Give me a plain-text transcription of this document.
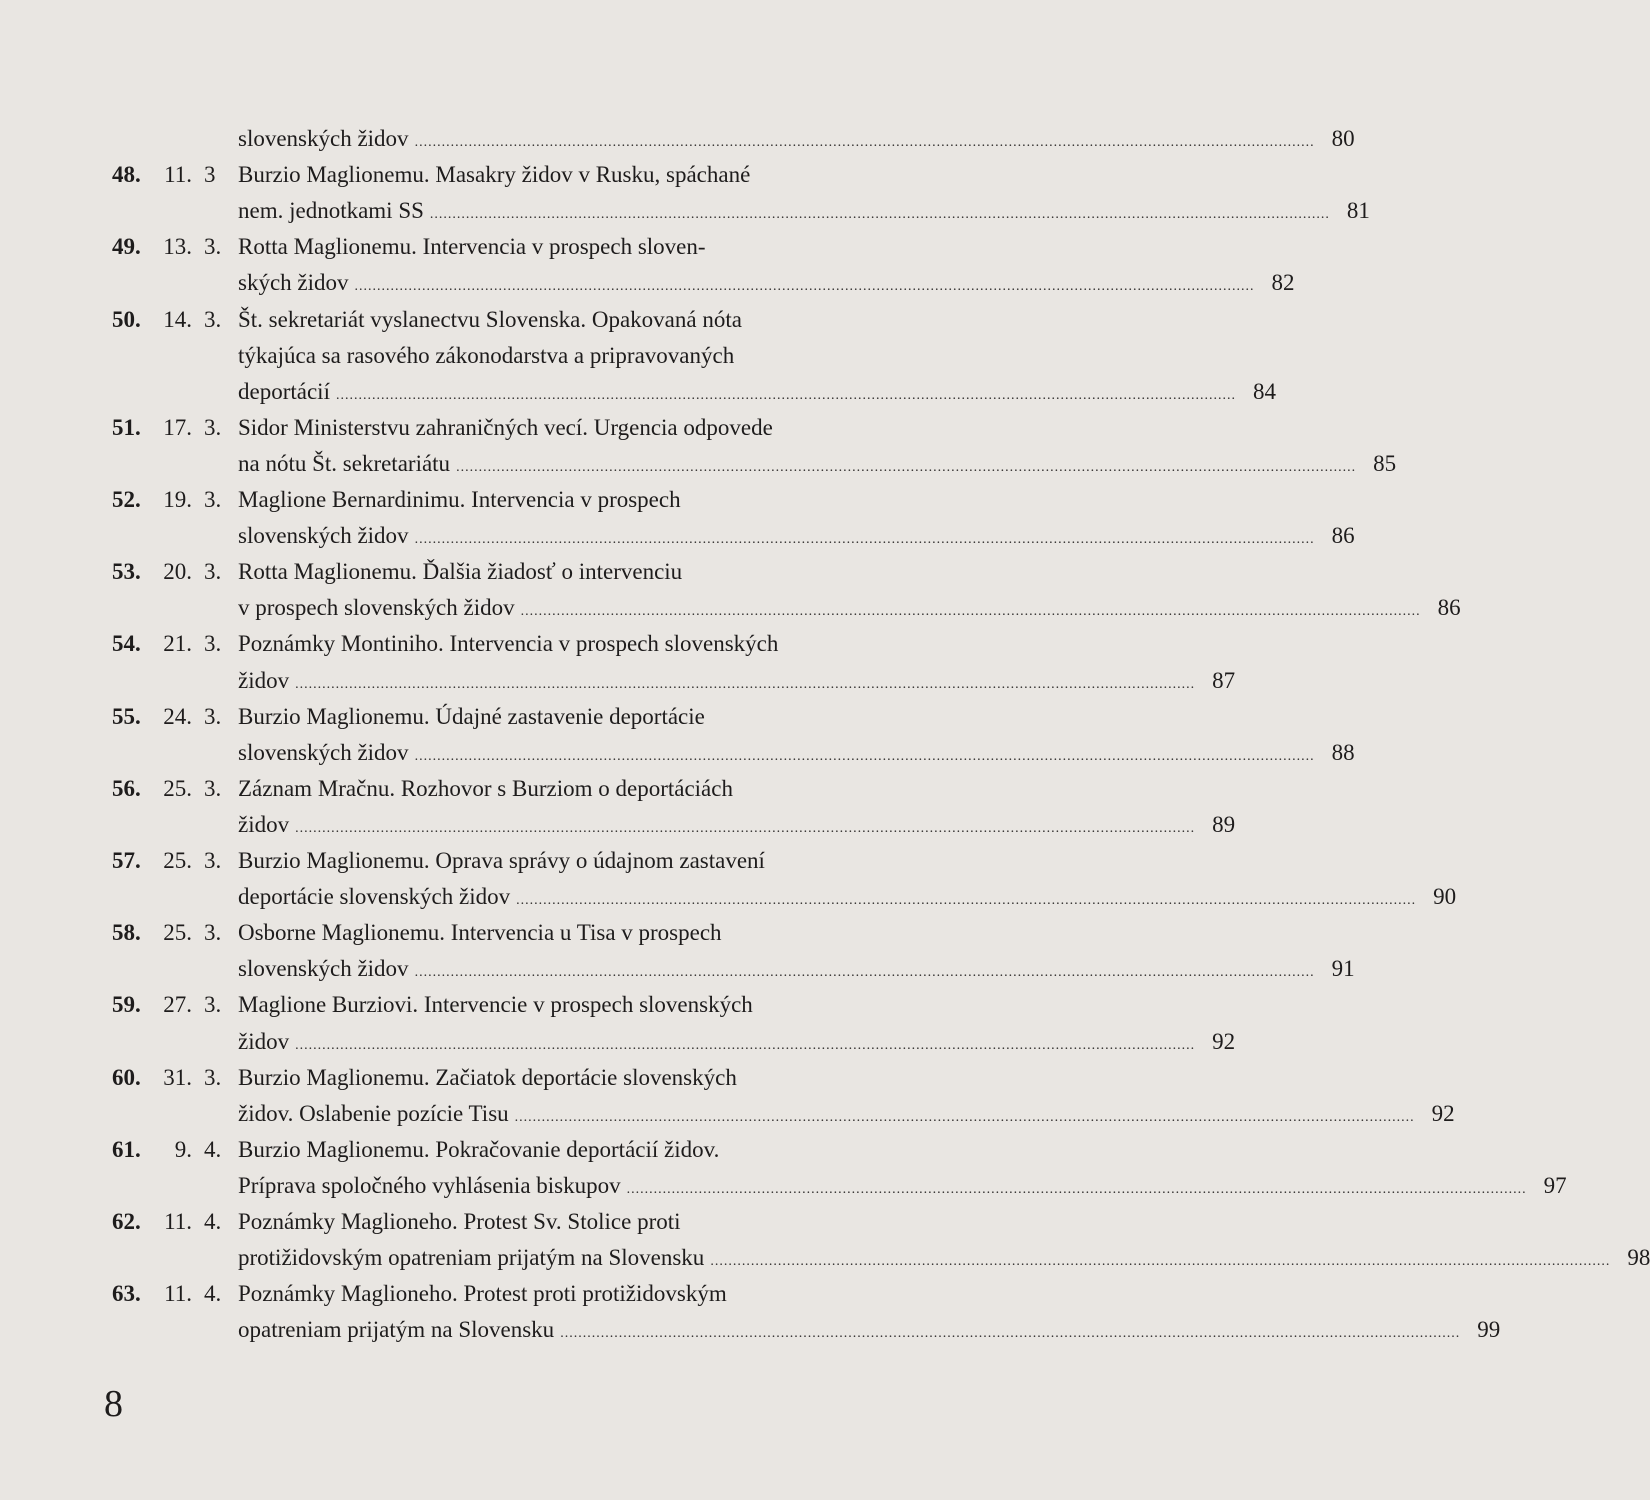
slovenských židov ........................................................................................................................................................................................................ 80
48. 11. 3 Burzio Maglionemu. Masakry židov v Rusku, spáchané
nem. jednotkami SS ........................................................................................................................................................................................................ 81
49. 13. 3. Rotta Maglionemu. Intervencia v prospech sloven-
ských židov ........................................................................................................................................................................................................ 82
50. 14. 3. Št. sekretariát vyslanectvu Slovenska. Opakovaná nóta
týkajúca sa rasového zákonodarstva a pripravovaných
deportácií ........................................................................................................................................................................................................ 84
51. 17. 3. Sidor Ministerstvu zahraničných vecí. Urgencia odpovede
na nótu Št. sekretariátu ........................................................................................................................................................................................................ 85
52. 19. 3. Maglione Bernardinimu. Intervencia v prospech
slovenských židov ........................................................................................................................................................................................................ 86
53. 20. 3. Rotta Maglionemu. Ďalšia žiadosť o intervenciu
v prospech slovenských židov ........................................................................................................................................................................................................ 86
54. 21. 3. Poznámky Montiniho. Intervencia v prospech slovenských
židov ........................................................................................................................................................................................................ 87
55. 24. 3. Burzio Maglionemu. Údajné zastavenie deportácie
slovenských židov ........................................................................................................................................................................................................ 88
56. 25. 3. Záznam Mračnu. Rozhovor s Burziom o deportáciách
židov ........................................................................................................................................................................................................ 89
57. 25. 3. Burzio Maglionemu. Oprava správy o údajnom zastavení
deportácie slovenských židov ........................................................................................................................................................................................................ 90
58. 25. 3. Osborne Maglionemu. Intervencia u Tisa v prospech
slovenských židov ........................................................................................................................................................................................................ 91
59. 27. 3. Maglione Burziovi. Intervencie v prospech slovenských
židov ........................................................................................................................................................................................................ 92
60. 31. 3. Burzio Maglionemu. Začiatok deportácie slovenských
židov. Oslabenie pozície Tisu ........................................................................................................................................................................................................ 92
61.	9. 4. Burzio Maglionemu. Pokračovanie deportácií židov.
Príprava spoločného vyhlásenia biskupov ........................................................................................................................................................................................................ 97
62. 11. 4. Poznámky Maglioneho. Protest Sv. Stolice proti
protižidovským opatreniam prijatým na Slovensku ........................................................................................................................................................................................................ 98
63. 11. 4. Poznámky Maglioneho. Protest proti protižidovským
opatreniam prijatým na Slovensku ........................................................................................................................................................................................................ 99
8
